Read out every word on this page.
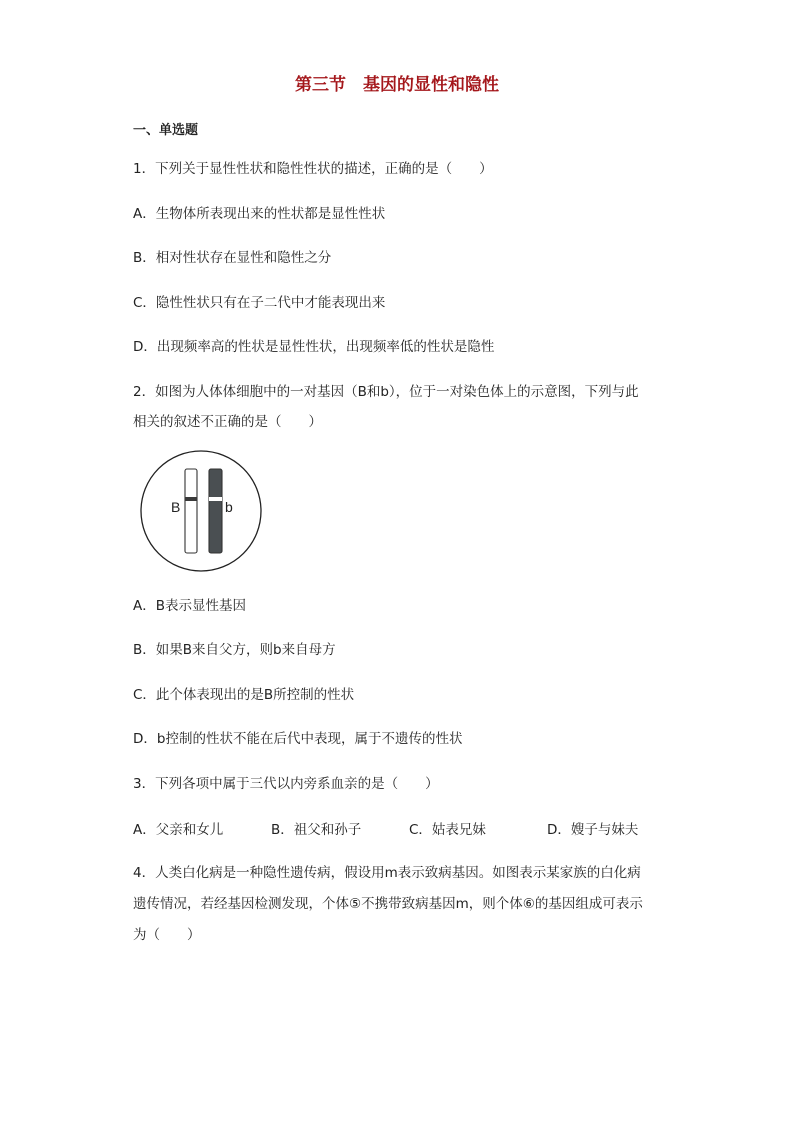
第三节　基因的显性和隐性
一、单选题
1．下列关于显性性状和隐性性状的描述，正确的是（　　）
A．生物体所表现出来的性状都是显性性状
B．相对性状存在显性和隐性之分
C．隐性性状只有在子二代中才能表现出来
D．出现频率高的性状是显性性状，出现频率低的性状是隐性
2．如图为人体体细胞中的一对基因（B和b），位于一对染色体上的示意图，下列与此
相关的叙述不正确的是（　　）
B	b
A．B表示显性基因
B．如果B来自父方，则b来自母方
C．此个体表现出的是B所控制的性状
D．b控制的性状不能在后代中表现，属于不遗传的性状
3．下列各项中属于三代以内旁系血亲的是（　　）
A．父亲和女儿	B．祖父和孙子	C．姑表兄妹	D．嫂子与妹夫
4．人类白化病是一种隐性遗传病，假设用m表示致病基因。如图表示某家族的白化病
遗传情况，若经基因检测发现，个体⑤不携带致病基因m，则个体⑥的基因组成可表示
为（　　）
